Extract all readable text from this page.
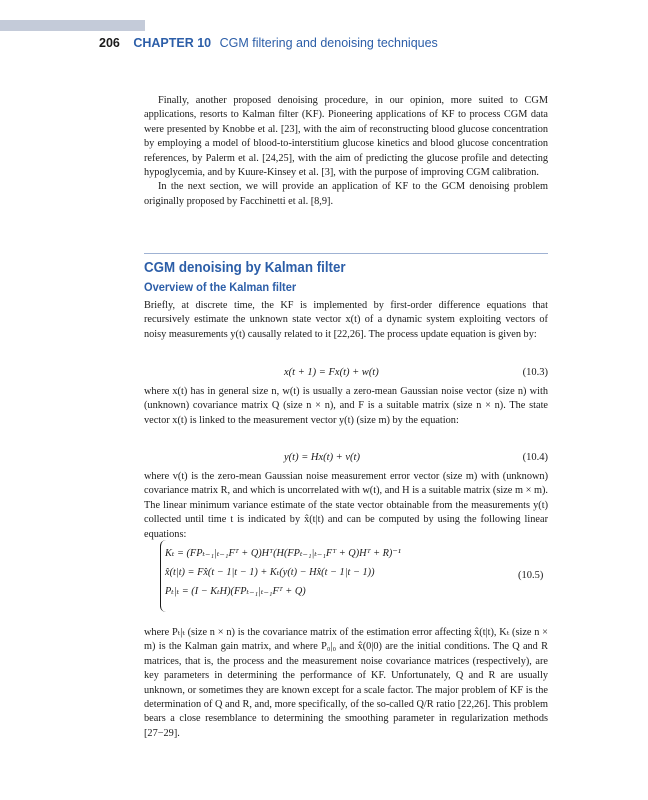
206 CHAPTER 10 CGM filtering and denoising techniques

Finally, another proposed denoising procedure, in our opinion, more suited to CGM applications, resorts to Kalman filter (KF). Pioneering applications of KF to process CGM data were presented by Knobbe et al. [23], with the aim of reconstructing blood glucose concentration by employing a model of blood-to-interstitium glucose kinetics and blood glucose concentration references, by Palerm et al. [24,25], with the aim of predicting the glucose profile and detecting hypoglycemia, and by Kuure-Kinsey et al. [3], with the purpose of improving CGM calibration.

In the next section, we will provide an application of KF to the GCM denoising problem originally proposed by Facchinetti et al. [8,9].

CGM denoising by Kalman filter
Overview of the Kalman filter

Briefly, at discrete time, the KF is implemented by first-order difference equations that recursively estimate the unknown state vector x(t) of a dynamic system exploiting vectors of noisy measurements y(t) causally related to it [22,26]. The process update equation is given by:

x(t + 1) = Fx(t) + w(t)	(10.3)

where x(t) has in general size n, w(t) is usually a zero-mean Gaussian noise vector (size n) with (unknown) covariance matrix Q (size n × n), and F is a suitable matrix (size n × n). The state vector x(t) is linked to the measurement vector y(t) (size m) by the equation:

y(t) = Hx(t) + v(t)	(10.4)

where v(t) is the zero-mean Gaussian noise measurement error vector (size m) with (unknown) covariance matrix R, and which is uncorrelated with w(t), and H is a suitable matrix (size m × m). The linear minimum variance estimate of the state vector obtainable from the measurements y(t) collected until time t is indicated by x̂(t|t) and can be computed by using the following linear equations:

Kₜ = (FPₜ₋₁|ₜ₋₁Fᵀ + Q)Hᵀ(H(FPₜ₋₁|ₜ₋₁Fᵀ + Q)Hᵀ + R)⁻¹
x̂(t|t) = Fx̂(t − 1|t − 1) + Kₜ(y(t) − Hx̂(t − 1|t − 1))
Pₜ|ₜ = (I − KₜH)(FPₜ₋₁|ₜ₋₁Fᵀ + Q)
(10.5)

where Pₜ|ₜ (size n × n) is the covariance matrix of the estimation error affecting x̂(t|t), Kₜ (size n × m) is the Kalman gain matrix, and where P₀|₀ and x̂(0|0) are the initial conditions. The Q and R matrices, that is, the process and the measurement noise covariance matrices (respectively), are key parameters in determining the performance of KF. Unfortunately, Q and R are usually unknown, or sometimes they are known except for a scale factor. The major problem of KF is the determination of Q and R, and, more specifically, of the so-called Q/R ratio [22,26]. This problem bears a close resemblance to determining the smoothing parameter in regularization methods [27−29].
